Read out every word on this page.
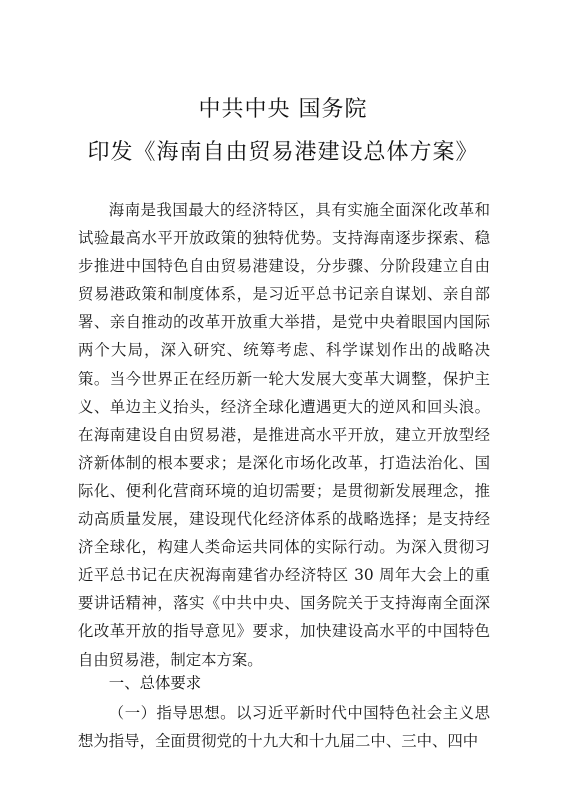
中共中央 国务院
印发《海南自由贸易港建设总体方案》

海南是我国最大的经济特区，具有实施全面深化改革和试验最高水平开放政策的独特优势。支持海南逐步探索、稳步推进中国特色自由贸易港建设，分步骤、分阶段建立自由贸易港政策和制度体系，是习近平总书记亲自谋划、亲自部署、亲自推动的改革开放重大举措，是党中央着眼国内国际两个大局，深入研究、统筹考虑、科学谋划作出的战略决策。当今世界正在经历新一轮大发展大变革大调整，保护主义、单边主义抬头，经济全球化遭遇更大的逆风和回头浪。在海南建设自由贸易港，是推进高水平开放，建立开放型经济新体制的根本要求；是深化市场化改革，打造法治化、国际化、便利化营商环境的迫切需要；是贯彻新发展理念，推动高质量发展，建设现代化经济体系的战略选择；是支持经济全球化，构建人类命运共同体的实际行动。为深入贯彻习近平总书记在庆祝海南建省办经济特区 30 周年大会上的重要讲话精神，落实《中共中央、国务院关于支持海南全面深化改革开放的指导意见》要求，加快建设高水平的中国特色自由贸易港，制定本方案。

一、总体要求

（一）指导思想。以习近平新时代中国特色社会主义思想为指导，全面贯彻党的十九大和十九届二中、三中、四中
